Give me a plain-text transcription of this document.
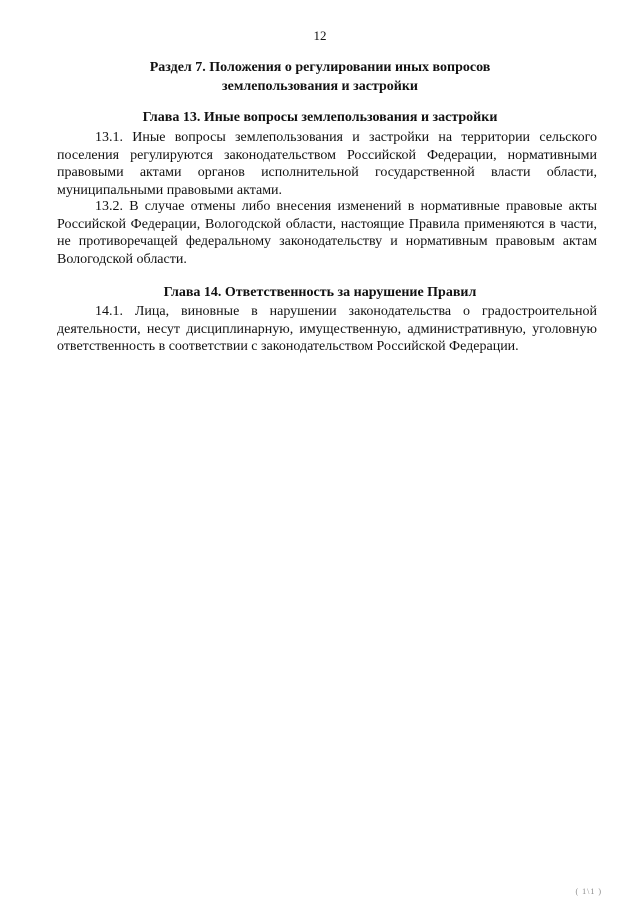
12
Раздел 7. Положения о регулировании иных вопросов землепользования и застройки
Глава 13. Иные вопросы землепользования и застройки
13.1. Иные вопросы землепользования и застройки на территории сельского поселения регулируются законодательством Российской Федерации, нормативными правовыми актами органов исполнительной государственной власти области, муниципальными правовыми актами.
13.2. В случае отмены либо внесения изменений в нормативные правовые акты Российской Федерации, Вологодской области, настоящие Правила применяются в части, не противоречащей федеральному законодательству и нормативным правовым актам Вологодской области.
Глава 14. Ответственность за нарушение Правил
14.1. Лица, виновные в нарушении законодательства о градостроительной деятельности, несут дисциплинарную, имущественную, административную, уголовную ответственность в соответствии с законодательством Российской Федерации.
( 1\1 )
